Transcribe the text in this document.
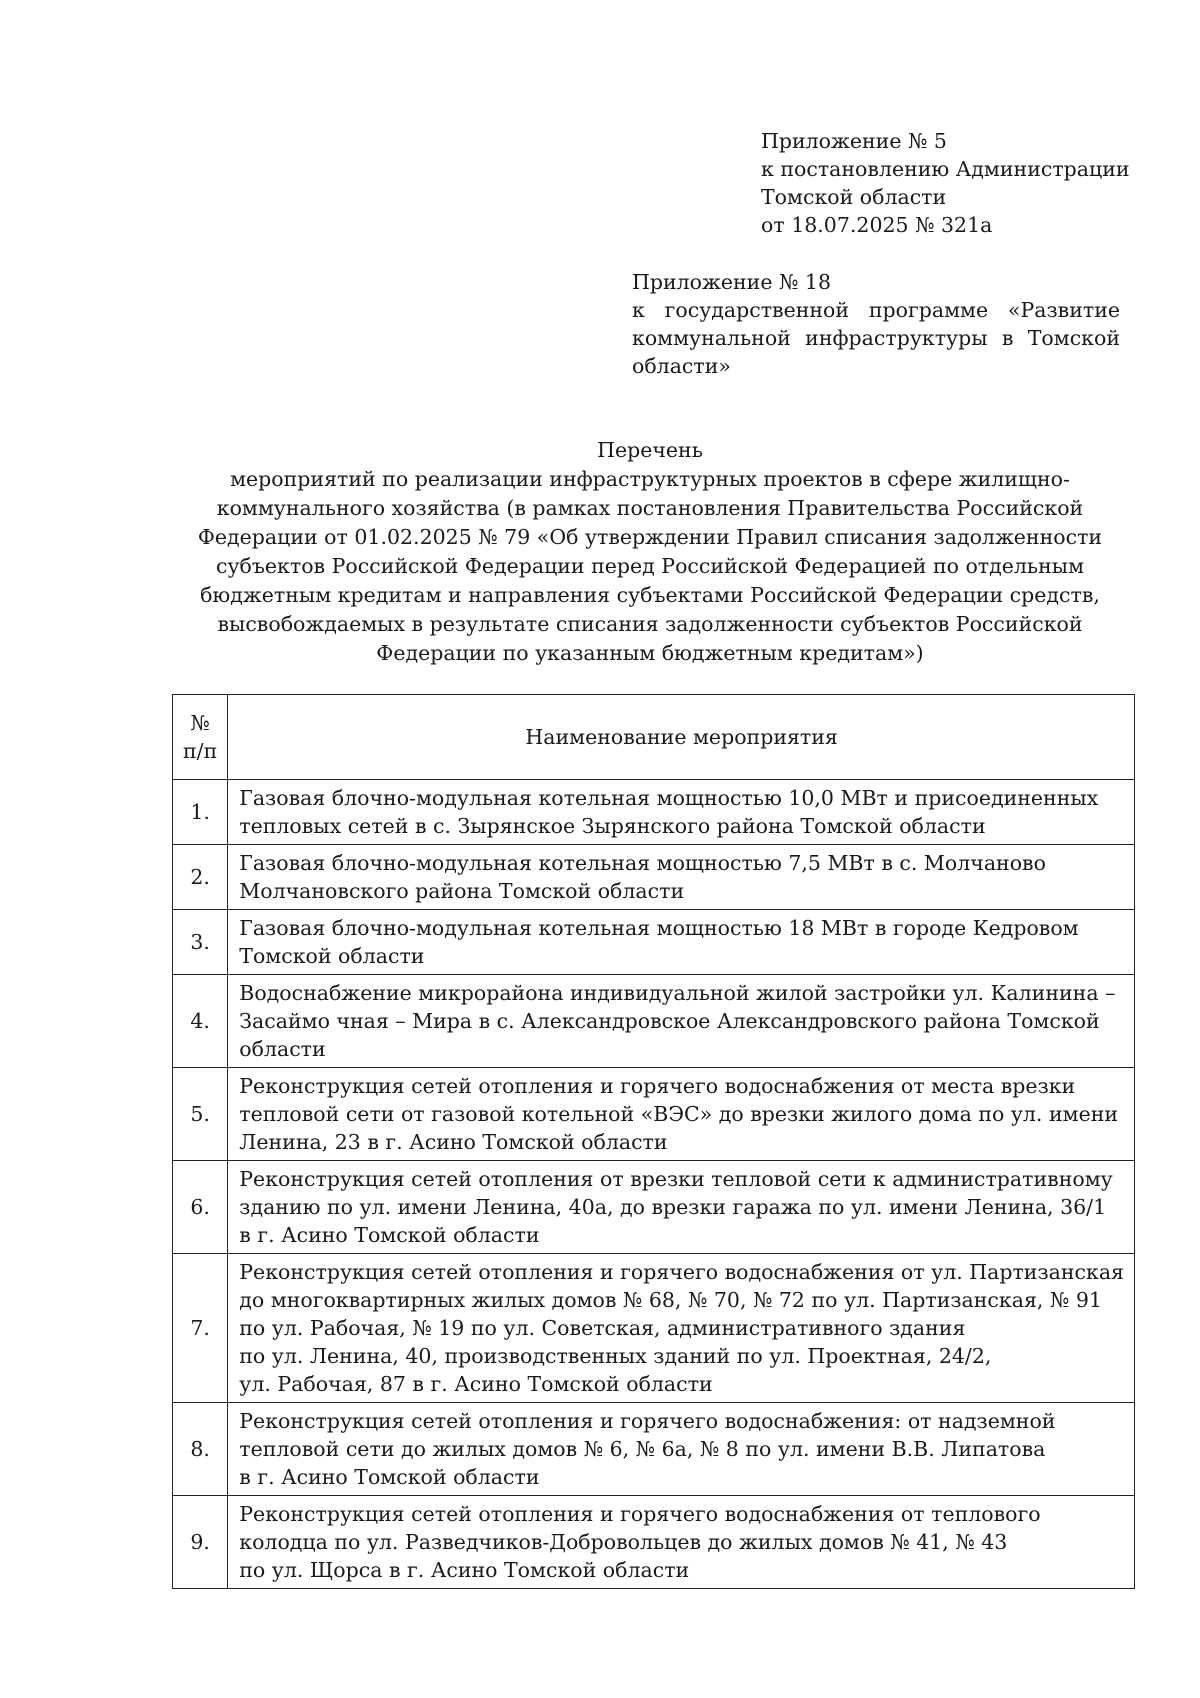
Приложение № 5
к постановлению Администрации
Томской области
от 18.07.2025 № 321а
Приложение № 18
к государственной программе «Развитие
коммунальной инфраструктуры в Томской
области»
Перечень
мероприятий по реализации инфраструктурных проектов в сфере жилищно-
коммунального хозяйства (в рамках постановления Правительства Российской
Федерации от 01.02.2025 № 79 «Об утверждении Правил списания задолженности
субъектов Российской Федерации перед Российской Федерацией по отдельным
бюджетным кредитам и направления субъектами Российской Федерации средств,
высвобождаемых в результате списания задолженности субъектов Российской
Федерации по указанным бюджетным кредитам»)
№
п/п	Наименование мероприятия
1.	Газовая блочно-модульная котельная мощностью 10,0 МВт и присоединенных
тепловых сетей в с. Зырянское Зырянского района Томской области

2.	Газовая блочно-модульная котельная мощностью 7,5 МВт в с. Молчаново
Молчановского района Томской области

3.	Газовая блочно-модульная котельная мощностью 18 МВт в городе Кедровом
Томской области

4.	Водоснабжение микрорайона индивидуальной жилой застройки ул. Калинина –
Засаймо чная – Мира в с. Александровское Александровского района Томской
области

5.	Реконструкция сетей отопления и горячего водоснабжения от места врезки
тепловой сети от газовой котельной «ВЭС» до врезки жилого дома по ул. имени
Ленина, 23 в г. Асино Томской области

6.	Реконструкция сетей отопления от врезки тепловой сети к административному
зданию по ул. имени Ленина, 40а, до врезки гаража по ул. имени Ленина, 36/1
в г. Асино Томской области

7.	Реконструкция сетей отопления и горячего водоснабжения от ул. Партизанская
до многоквартирных жилых домов № 68, № 70, № 72 по ул. Партизанская, № 91
по ул. Рабочая, № 19 по ул. Советская, административного здания
по ул. Ленина, 40, производственных зданий по ул. Проектная, 24/2,
ул. Рабочая, 87 в г. Асино Томской области

8.	Реконструкция сетей отопления и горячего водоснабжения: от надземной
тепловой сети до жилых домов № 6, № 6а, № 8 по ул. имени В.В. Липатова
в г. Асино Томской области

9.	Реконструкция сетей отопления и горячего водоснабжения от теплового
колодца по ул. Разведчиков-Добровольцев до жилых домов № 41, № 43
по ул. Щорса в г. Асино Томской области
